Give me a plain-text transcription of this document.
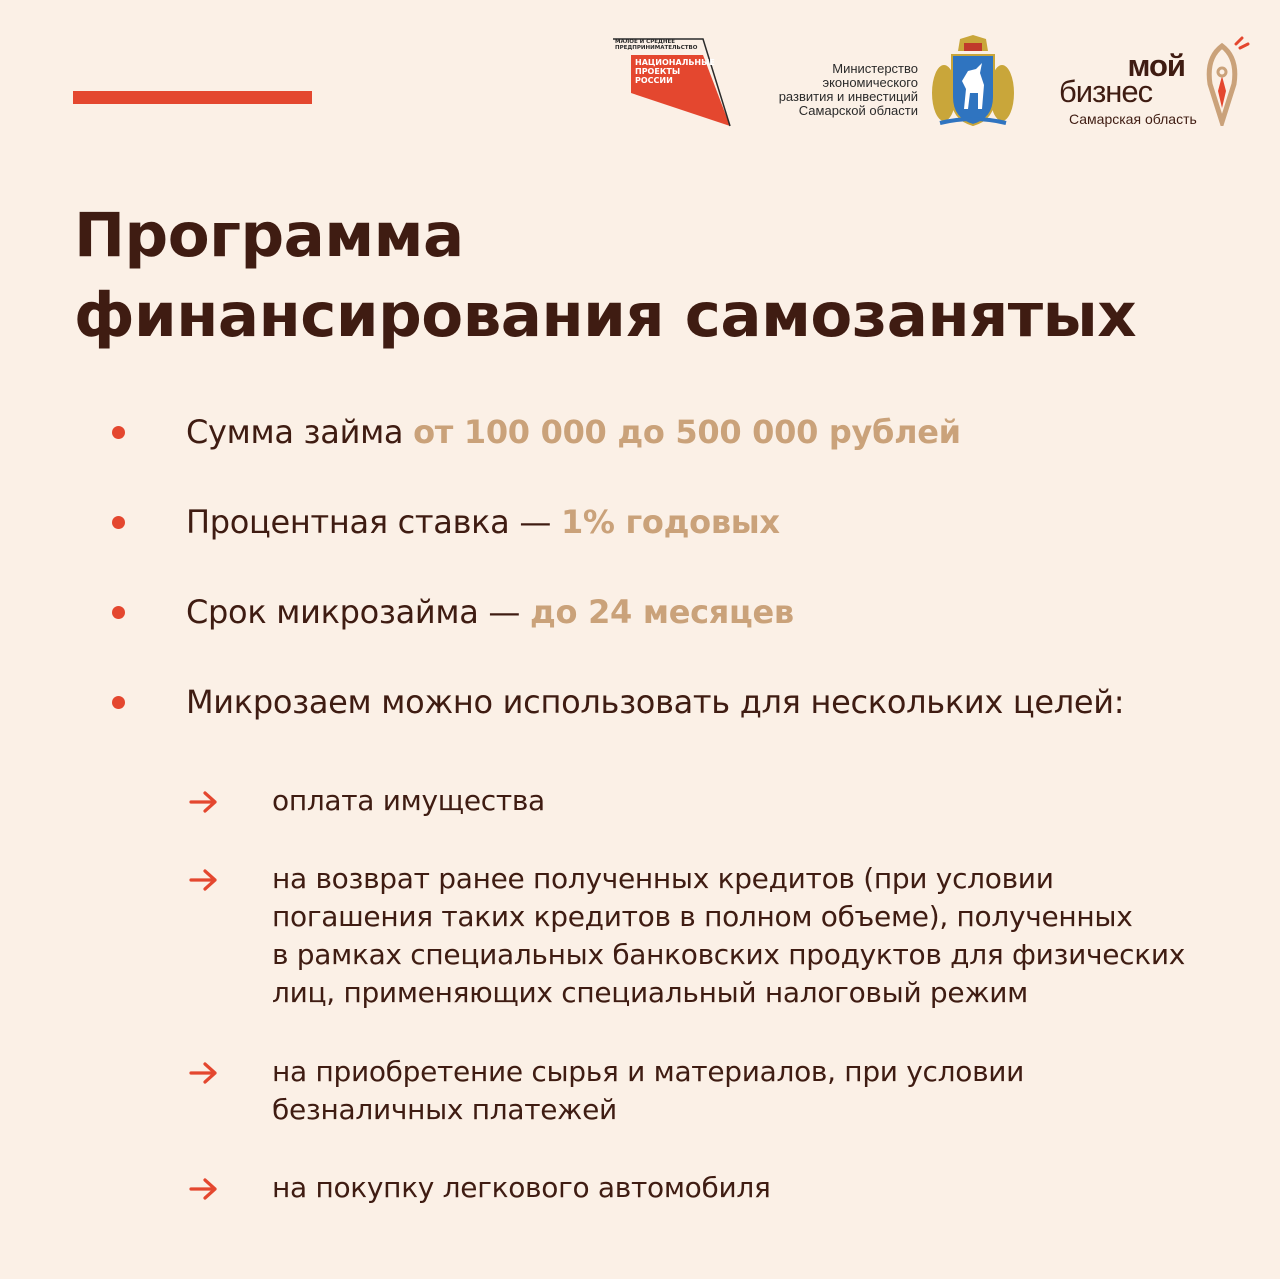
МАЛОЕ И СРЕДНЕЕ ПРЕДПРИНИМАТЕЛЬСТВО
НАЦИОНАЛЬНЫЕ ПРОЕКТЫ РОССИИ
Министерство
экономического
развития и инвестиций
Самарской области
мой
бизнес
Самарская область
Программа
финансирования самозанятых
Сумма займа от 100 000 до 500 000 рублей
Процентная ставка — 1% годовых
Срок микрозайма — до 24 месяцев
Микрозаем можно использовать для нескольких целей:
оплата имущества
на возврат ранее полученных кредитов (при условии
погашения таких кредитов в полном объеме), полученных
в рамках специальных банковских продуктов для физических
лиц, применяющих специальный налоговый режим
на приобретение сырья и материалов, при условии
безналичных платежей
на покупку легкового автомобиля
